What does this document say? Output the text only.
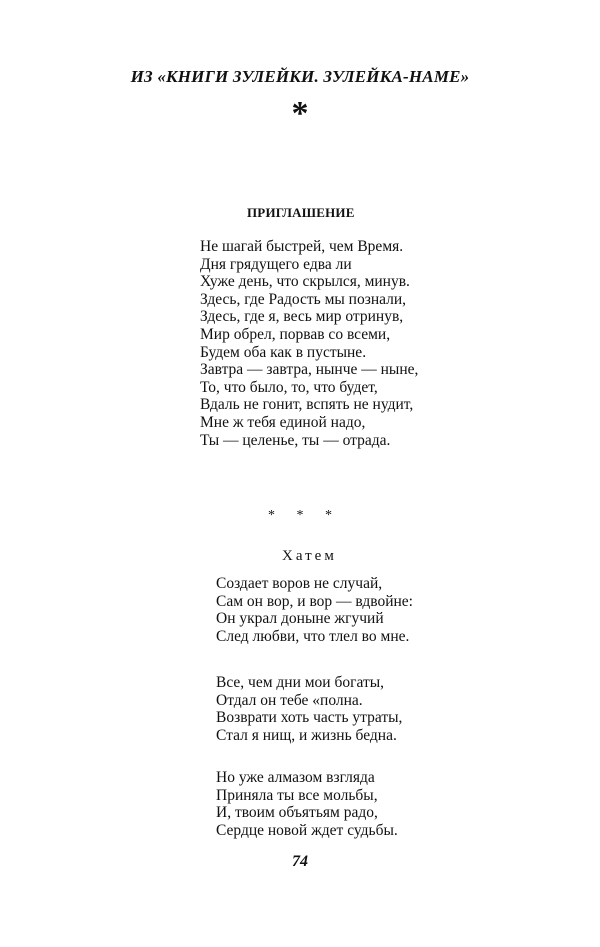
ИЗ «КНИГИ ЗУЛЕЙКИ. ЗУЛЕЙКА-НАМЕ»
*
ПРИГЛАШЕНИЕ
Не шагай быстрей, чем Время.
Дня грядущего едва ли
Хуже день, что скрылся, минув.
Здесь, где Радость мы познали,
Здесь, где я, весь мир отринув,
Мир обрел, порвав со всеми,
Будем оба как в пустыне.
Завтра — завтра, нынче — ныне,
То, что было, то, что будет,
Вдаль не гонит, вспять не нудит,
Мне ж тебя единой надо,
Ты — целенье, ты — отрада.
* * *
Хатем
Создает воров не случай,
Сам он вор, и вор — вдвойне:
Он украл доныне жгучий
След любви, что тлел во мне.
Все, чем дни мои богаты,
Отдал он тебе «полна.
Возврати хоть часть утраты,
Стал я нищ, и жизнь бедна.
Но уже алмазом взгляда
Приняла ты все мольбы,
И, твоим объятьям радо,
Сердце новой ждет судьбы.
74
